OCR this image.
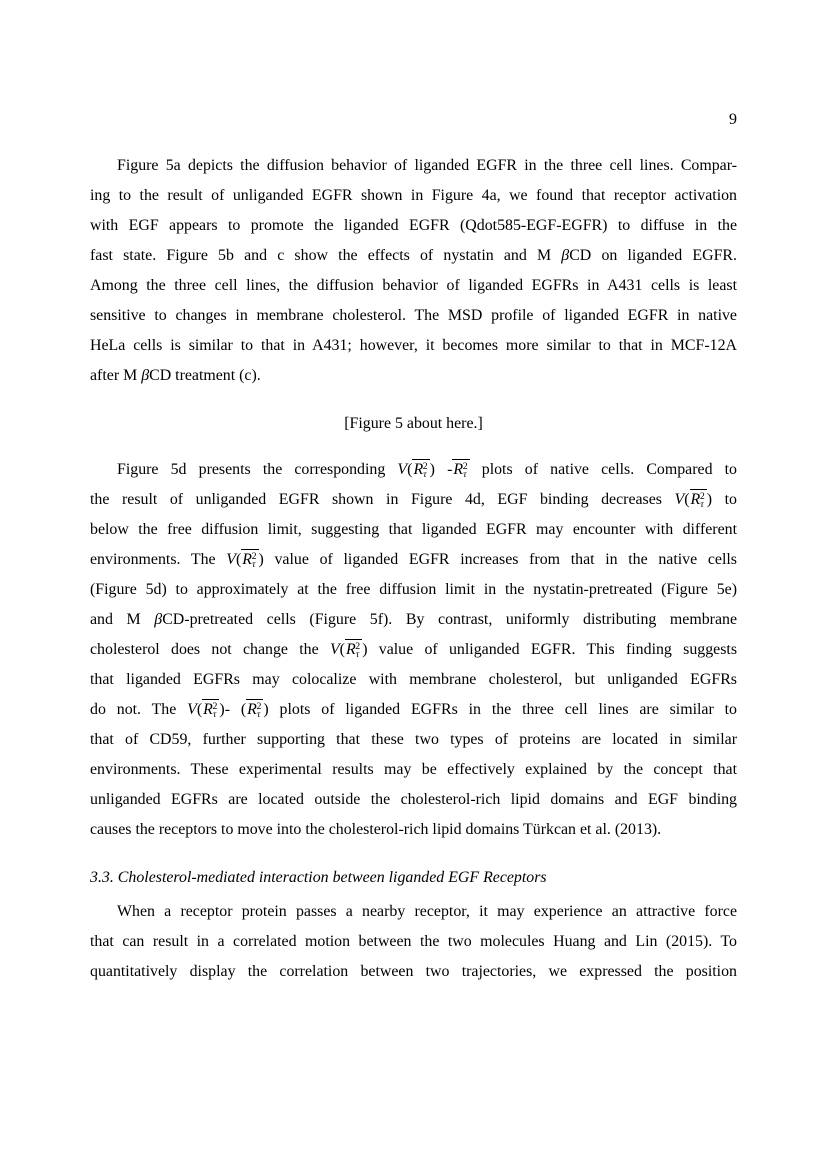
9
Figure 5a depicts the diffusion behavior of liganded EGFR in the three cell lines. Compar-
ing to the result of unliganded EGFR shown in Figure 4a, we found that receptor activation
with EGF appears to promote the liganded EGFR (Qdot585-EGF-EGFR) to diffuse in the
fast state. Figure 5b and c show the effects of nystatin and M βCD on liganded EGFR.
Among the three cell lines, the diffusion behavior of liganded EGFRs in A431 cells is least
sensitive to changes in membrane cholesterol. The MSD profile of liganded EGFR in native
HeLa cells is similar to that in A431; however, it becomes more similar to that in MCF-12A
after M βCD treatment (c).
[Figure 5 about here.]
Figure 5d presents the corresponding $V(R\tau^2$ ) $-R\tau^2$ plots of native cells. Compared to
the result of unliganded EGFR shown in Figure 4d, EGF binding decreases $V(R\tau^2$ ) to
below the free diffusion limit, suggesting that liganded EGFR may encounter with different
environments. The $V(R\tau^2$ ) value of liganded EGFR increases from that in the native cells
(Figure 5d) to approximately at the free diffusion limit in the nystatin-pretreated (Figure 5e)
and M βCD-pretreated cells (Figure 5f). By contrast, uniformly distributing membrane
cholesterol does not change the $V(R\tau^2$ ) value of unliganded EGFR. This finding suggests
that liganded EGFRs may colocalize with membrane cholesterol, but unliganded EGFRs
do not. The $V(R\tau^2$ )- ($R\tau^2$ ) plots of liganded EGFRs in the three cell lines are similar to
that of CD59, further supporting that these two types of proteins are located in similar
environments. These experimental results may be effectively explained by the concept that
unliganded EGFRs are located outside the cholesterol-rich lipid domains and EGF binding
causes the receptors to move into the cholesterol-rich lipid domains Türkcan et al. (2013).
3.3. Cholesterol-mediated interaction between liganded EGF Receptors
When a receptor protein passes a nearby receptor, it may experience an attractive force
that can result in a correlated motion between the two molecules Huang and Lin (2015). To
quantitatively display the correlation between two trajectories, we expressed the position
